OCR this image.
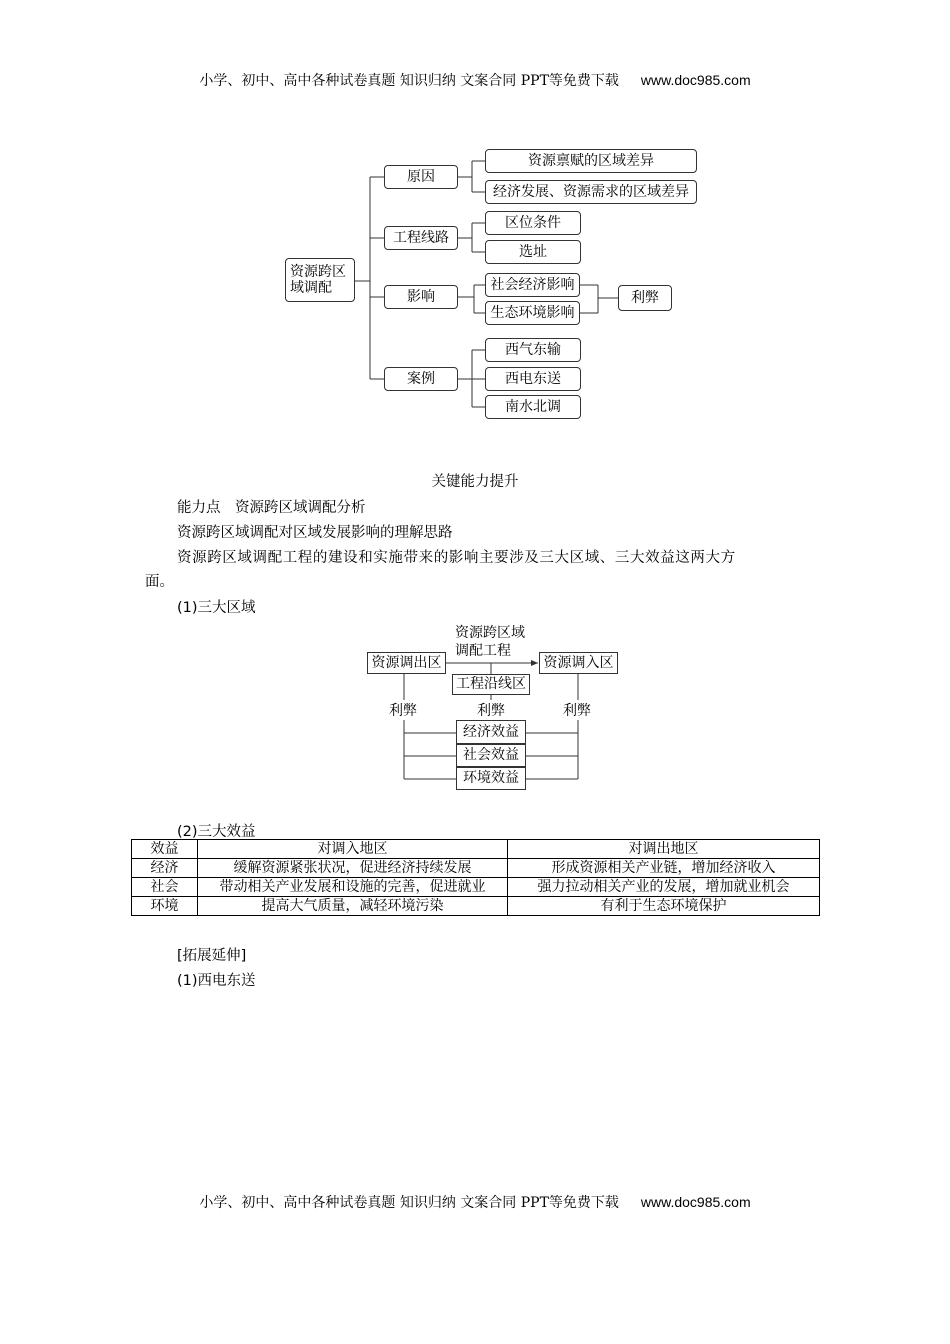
小学、初中、高中各种试卷真题 知识归纳 文案合同 PPT等免费下载 www.doc985.com
资源跨区域调配
原因
资源禀赋的区域差异
经济发展、资源需求的区域差异
工程线路
区位条件
选址
影响
社会经济影响
生态环境影响
利弊
案例
西气东输
西电东送
南水北调
关键能力提升
能力点　资源跨区域调配分析
资源跨区域调配对区域发展影响的理解思路
资源跨区域调配工程的建设和实施带来的影响主要涉及三大区域、三大效益这两大方
面。
(1)三大区域
资源跨区域
调配工程
资源调出区	资源调入区
工程沿线区
利弊	利弊	利弊
经济效益
社会效益
环境效益
(2)三大效益
效益	对调入地区	对调出地区
经济	缓解资源紧张状况，促进经济持续发展	形成资源相关产业链，增加经济收入
社会	带动相关产业发展和设施的完善，促进就业	强力拉动相关产业的发展，增加就业机会
环境	提高大气质量，减轻环境污染	有利于生态环境保护
[拓展延伸]
(1)西电东送
小学、初中、高中各种试卷真题 知识归纳 文案合同 PPT等免费下载 www.doc985.com
